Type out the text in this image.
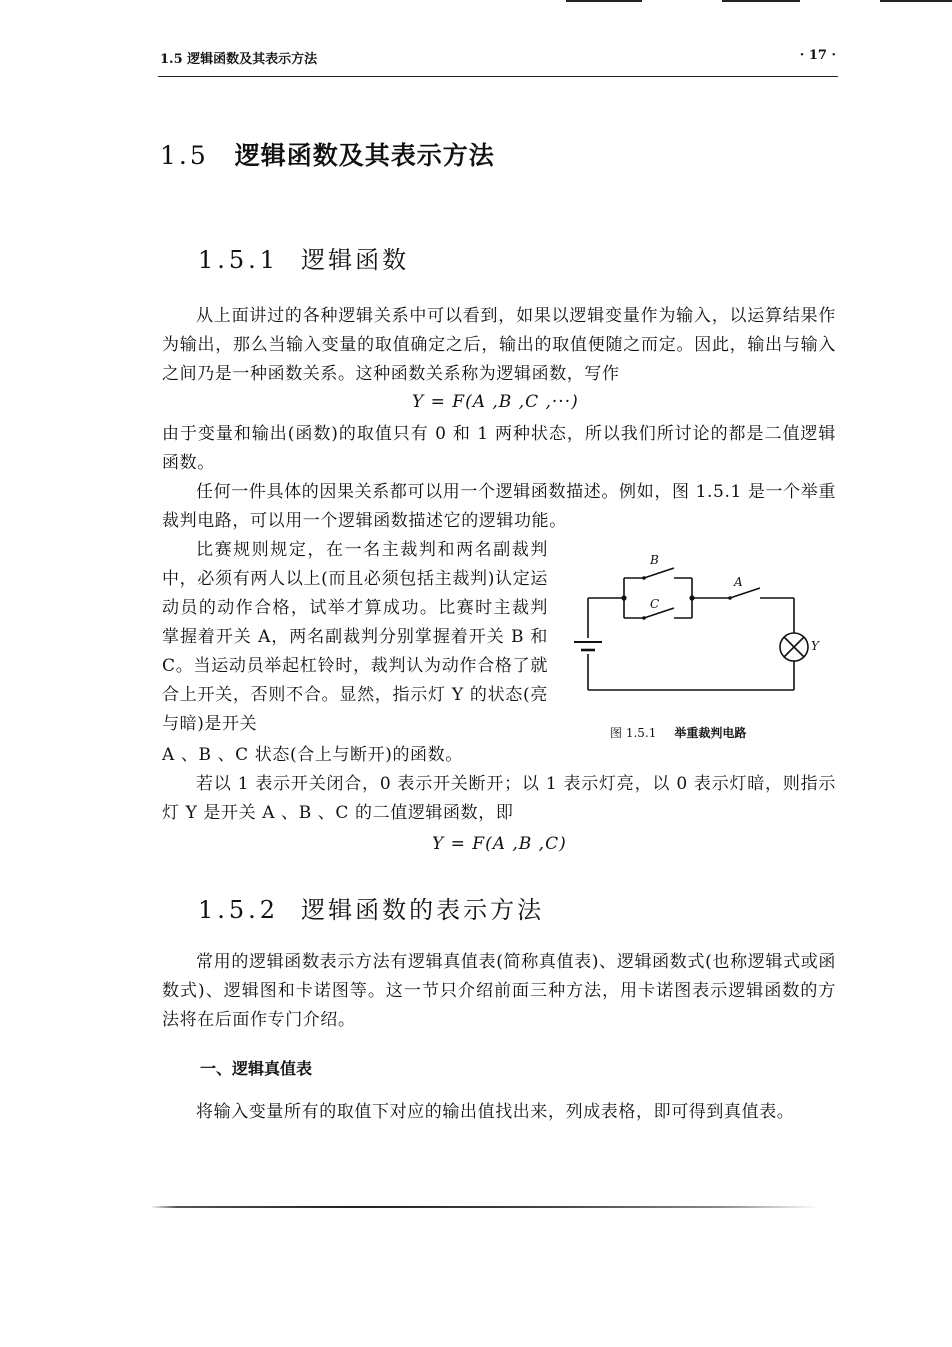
1.5 逻辑函数及其表示方法	· 17 ·
1.5 逻辑函数及其表示方法
1.5.1 逻辑函数
从上面讲过的各种逻辑关系中可以看到，如果以逻辑变量作为输入，以运算结果作为输出，那么当输入变量的取值确定之后，输出的取值便随之而定。因此，输出与输入之间乃是一种函数关系。这种函数关系称为逻辑函数，写作
Y = F(A ,B ,C ,···)
由于变量和输出(函数)的取值只有 0 和 1 两种状态，所以我们所讨论的都是二值逻辑函数。
任何一件具体的因果关系都可以用一个逻辑函数描述。例如，图 1.5.1 是一个举重裁判电路，可以用一个逻辑函数描述它的逻辑功能。
比赛规则规定，在一名主裁判和两名副裁判中，必须有两人以上(而且必须包括主裁判)认定运动员的动作合格，试举才算成功。比赛时主裁判掌握着开关 A，两名副裁判分别掌握着开关 B 和 C。当运动员举起杠铃时，裁判认为动作合格了就合上开关，否则不合。显然，指示灯 Y 的状态(亮与暗)是开关
A 、B 、C 状态(合上与断开)的函数。
B
C
A
Y
图 1.5.1 举重裁判电路
若以 1 表示开关闭合，0 表示开关断开；以 1 表示灯亮，以 0 表示灯暗，则指示灯 Y 是开关 A 、B 、C 的二值逻辑函数，即
Y = F(A ,B ,C)
1.5.2 逻辑函数的表示方法
常用的逻辑函数表示方法有逻辑真值表(简称真值表)、逻辑函数式(也称逻辑式或函数式)、逻辑图和卡诺图等。这一节只介绍前面三种方法，用卡诺图表示逻辑函数的方法将在后面作专门介绍。
一、逻辑真值表
将输入变量所有的取值下对应的输出值找出来，列成表格，即可得到真值表。
